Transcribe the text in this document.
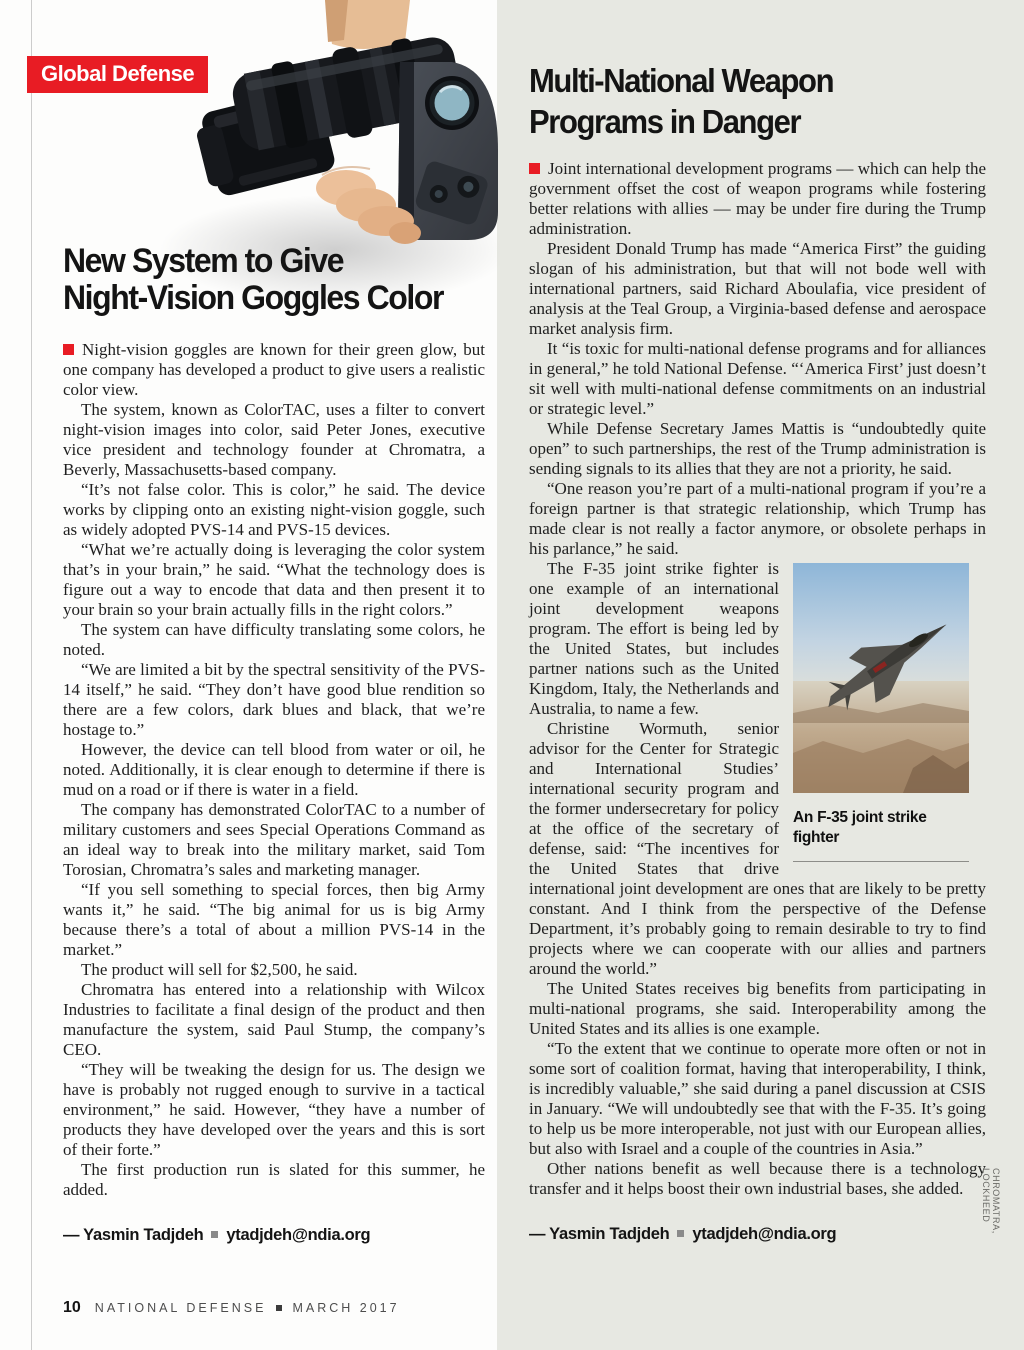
Global Defense
New System to Give
Night-Vision Goggles Color

Night-vision goggles are known for their green glow, but one company has developed a product to give users a realistic color view.

The system, known as ColorTAC, uses a filter to convert night-vision images into color, said Peter Jones, executive vice president and technology founder at Chromatra, a Beverly, Massachusetts-based company.

“It’s not false color. This is color,” he said. The device works by clipping onto an existing night-vision goggle, such as widely adopted PVS-14 and PVS-15 devices.

“What we’re actually doing is leveraging the color system that’s in your brain,” he said. “What the technology does is figure out a way to encode that data and then present it to your brain so your brain actually fills in the right colors.”

The system can have difficulty translating some colors, he noted.

“We are limited a bit by the spectral sensitivity of the PVS-14 itself,” he said. “They don’t have good blue rendition so there are a few colors, dark blues and black, that we’re hostage to.”

However, the device can tell blood from water or oil, he noted. Additionally, it is clear enough to determine if there is mud on a road or if there is water in a field.

The company has demonstrated ColorTAC to a number of military customers and sees Special Operations Command as an ideal way to break into the military market, said Tom Torosian, Chromatra’s sales and marketing manager.

“If you sell something to special forces, then big Army wants it,” he said. “The big animal for us is big Army because there’s a total of about a million PVS-14 in the market.”

The product will sell for $2,500, he said.

Chromatra has entered into a relationship with Wilcox Industries to facilitate a final design of the product and then manufacture the system, said Paul Stump, the company’s CEO.

“They will be tweaking the design for us. The design we have is probably not rugged enough to survive in a tactical environment,” he said. However, “they have a number of products they have developed over the years and this is sort of their forte.”

The first production run is slated for this summer, he added.

— Yasmin Tadjdeh ytadjdeh@ndia.org
Multi-National Weapon
Programs in Danger

Joint international development programs — which can help the government offset the cost of weapon programs while fostering better relations with allies — may be under fire during the Trump administration.

President Donald Trump has made “America First” the guiding slogan of his administration, but that will not bode well with international partners, said Richard Aboulafia, vice president of analysis at the Teal Group, a Virginia-based defense and aerospace market analysis firm.

It “is toxic for multi-national defense programs and for alliances in general,” he told National Defense. “‘America First’ just doesn’t sit well with multi-national defense commitments on an industrial or strategic level.”

While Defense Secretary James Mattis is “undoubtedly quite open” to such partnerships, the rest of the Trump administration is sending signals to its allies that they are not a priority, he said.

“One reason you’re part of a multi-national program if you’re a foreign partner is that strategic relationship, which Trump has made clear is not really a factor anymore, or obsolete perhaps in his parlance,” he said.

An F-35 joint strike fighter

The F-35 joint strike fighter is one example of an international joint development weapons program. The effort is being led by the United States, but includes partner nations such as the United Kingdom, Italy, the Netherlands and Australia, to name a few.

Christine Wormuth, senior advisor for the Center for Strategic and International Studies’ international security program and the former undersecretary for policy at the office of the secretary of defense, said: “The incentives for the United States that drive international joint development are ones that are likely to be pretty constant. And I think from the perspective of the Defense Department, it’s probably going to remain desirable to try to find projects where we can cooperate with our allies and partners around the world.”

The United States receives big benefits from participating in multi-national programs, she said. Interoperability among the United States and its allies is one example.

“To the extent that we continue to operate more often or not in some sort of coalition format, having that interoperability, I think, is incredibly valuable,” she said during a panel discussion at CSIS in January. “We will undoubtedly see that with the F-35. It’s going to help us be more interoperable, not just with our European allies, but also with Israel and a couple of the countries in Asia.”

Other nations benefit as well because there is a technology transfer and it helps boost their own industrial bases, she added.

— Yasmin Tadjdeh ytadjdeh@ndia.org
10 NATIONAL DEFENSE MARCH 2017
CHROMATRA, LOCKHEED
